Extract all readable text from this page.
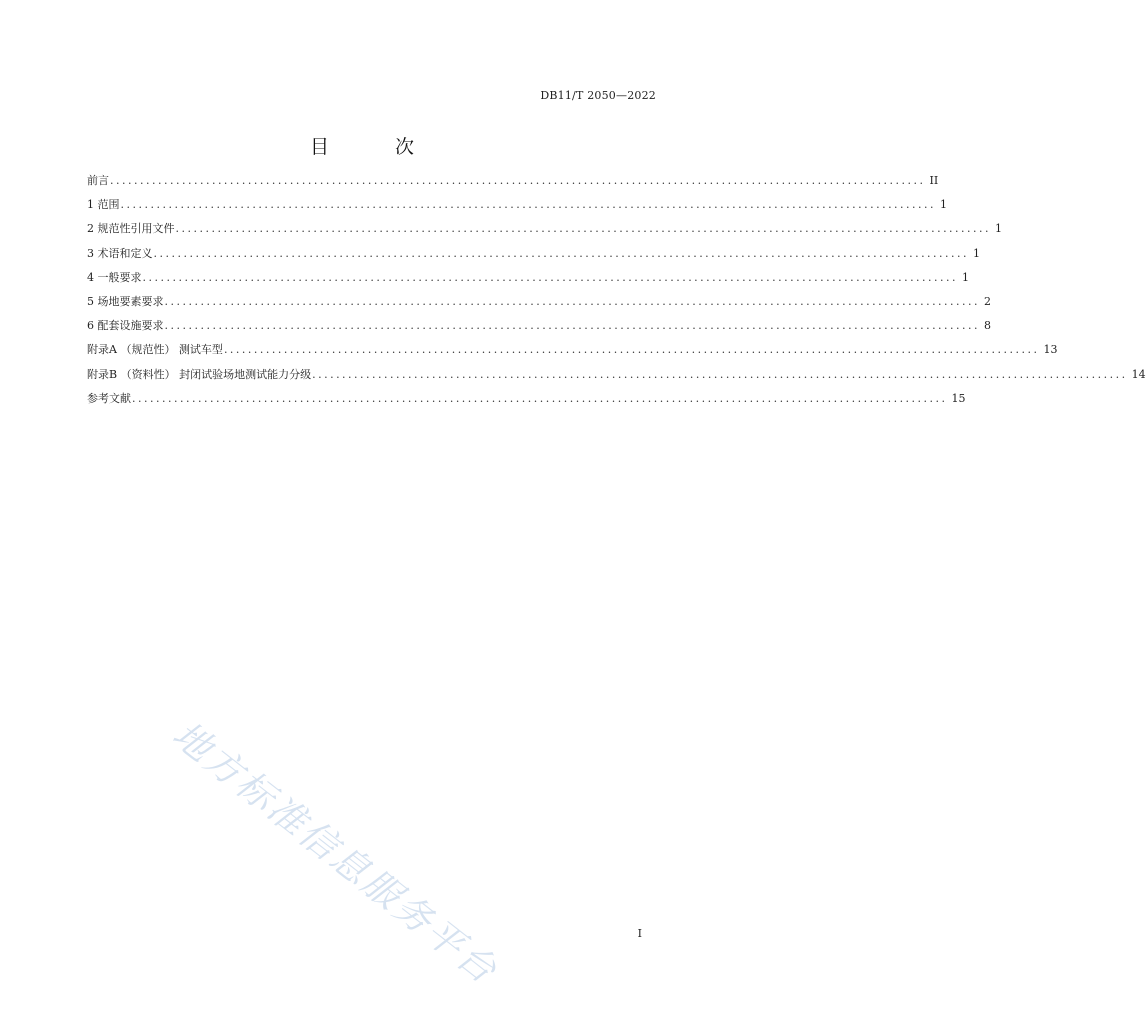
DB11/T 2050—2022
目 次
前言 ........................................................................................................................................ II
1 范围 ........................................................................................................................................ 1
2 规范性引用文件 ........................................................................................................................................ 1
3 术语和定义 ........................................................................................................................................ 1
4 一般要求 ........................................................................................................................................ 1
5 场地要素要求 ........................................................................................................................................ 2
6 配套设施要求 ........................................................................................................................................ 8
附录A （规范性） 测试车型 ........................................................................................................................................ 13
附录B （资料性） 封闭试验场地测试能力分级 ........................................................................................................................................ 14
参考文献 ........................................................................................................................................ 15
地方标准信息服务平台	I
